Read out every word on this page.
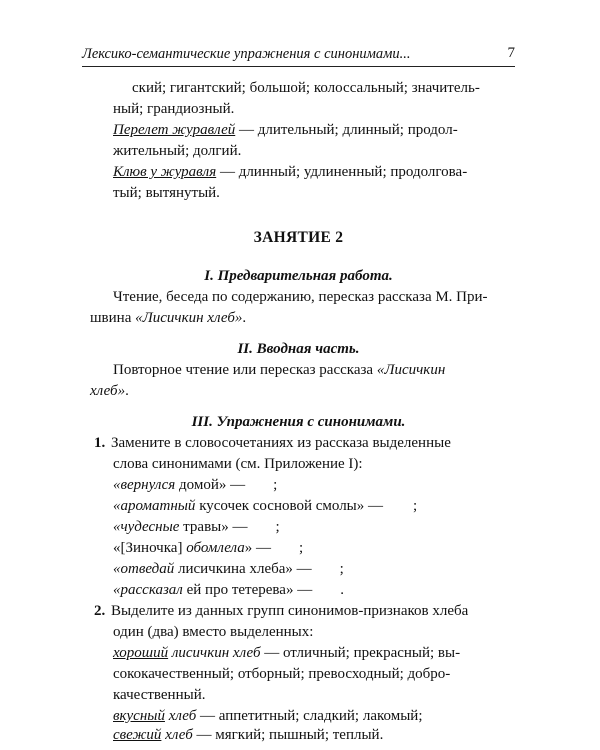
Лексико-семантические упражнения с синонимами...	7
ский; гигантский; большой; колоссальный; значитель-
ный; грандиозный.
Перелет журавлей — длительный; длинный; продол-
жительный; долгий.
Клюв у журавля — длинный; удлиненный; продолгова-
тый; вытянутый.
ЗАНЯТИЕ 2
I. Предварительная работа.
Чтение, беседа по содержанию, пересказ рассказа М. При-
швина «Лисичкин хлеб».
II. Вводная часть.
Повторное чтение или пересказ рассказа «Лисичкин
хлеб».
III. Упражнения с синонимами.
1. Замените в словосочетаниях из рассказа выделенные
слова синонимами (см. Приложение I):
«вернулся домой» — ;
«ароматный кусочек сосновой смолы» — ;
«чудесные травы» — ;
«[Зиночка] обомлела» — ;
«отведай лисичкина хлеба» — ;
«рассказал ей про тетерева» — .
2. Выделите из данных групп синонимов-признаков хлеба
один (два) вместо выделенных:
хороший лисичкин хлеб — отличный; прекрасный; вы-
сококачественный; отборный; превосходный; добро-
качественный.
вкусный хлеб — аппетитный; сладкий; лакомый;
свежий хлеб — мягкий; пышный; теплый.
